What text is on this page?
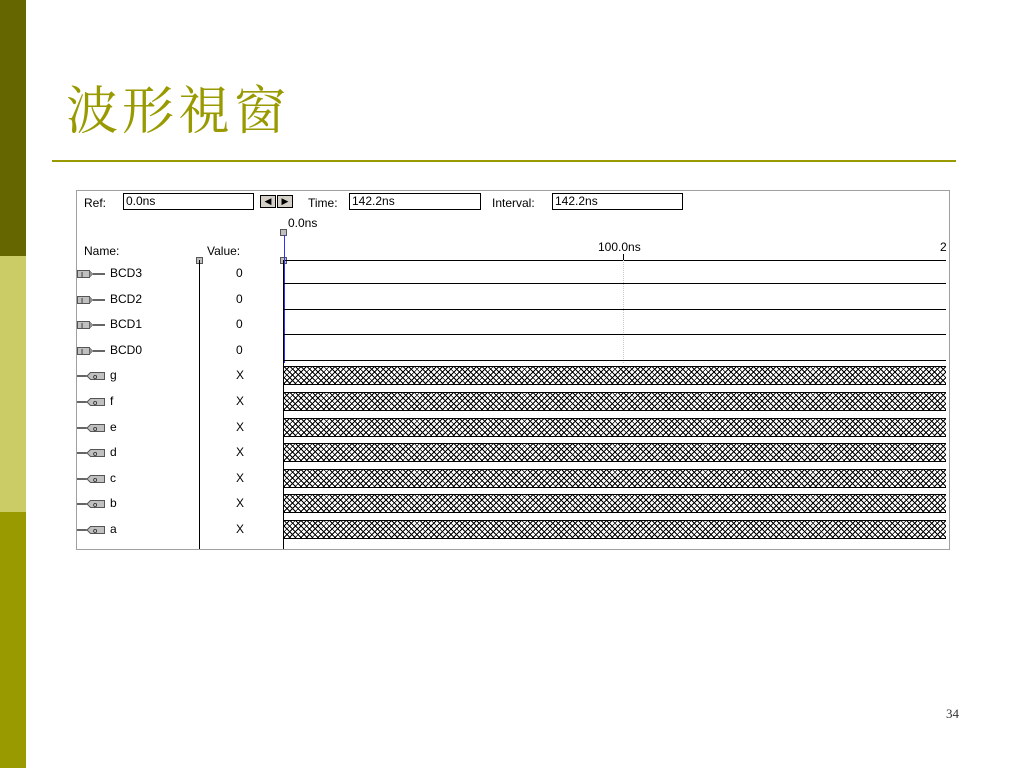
波形視窗
Ref: 0.0ns	◀	▶	Time: 142.2ns	Interval: 142.2ns
0.0ns
Name:	Value:	100.0ns	2
I BCD3	0
I BCD2	0
I BCD1	0
I BCD0	0
o g	X
o f	X
o e	X
o d	X
o c	X
o b	X
o a	X
34
